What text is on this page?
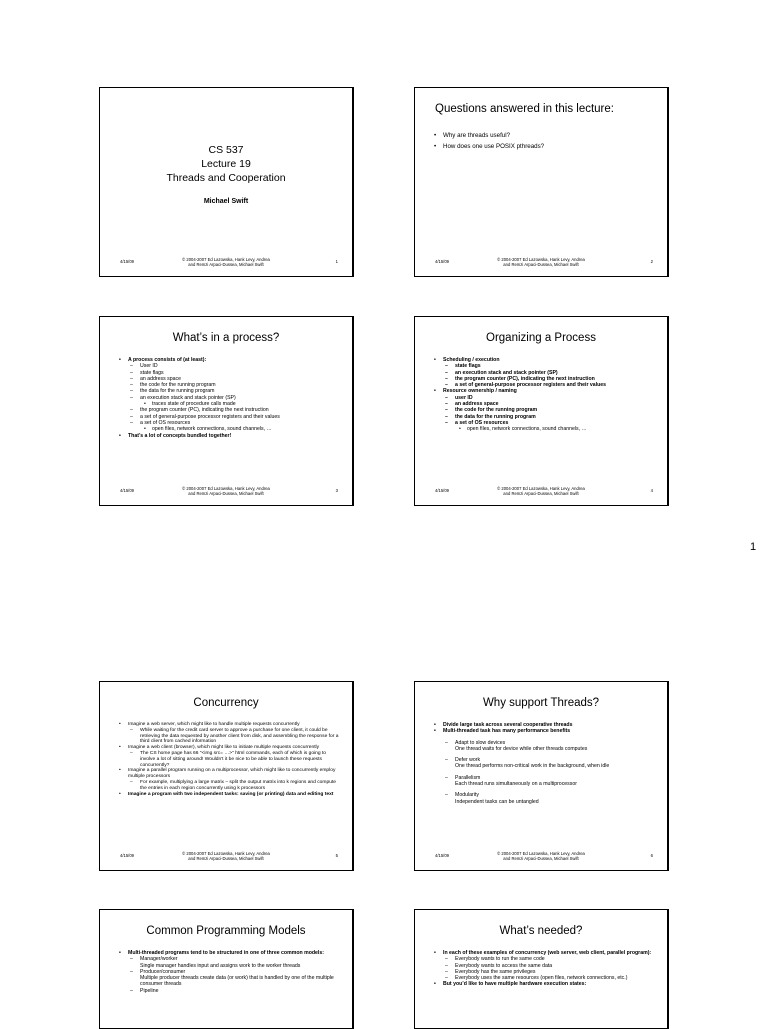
CS 537
Lecture 19
Threads and Cooperation
Michael Swift
4/15/09	© 2004-2007 Ed Lazowska, Hank Levy, Andrea and Remzi Arpaci-Dussea, Michael Swift
1
Questions answered in this lecture:
• Why are threads useful?
• How does one use POSIX pthreads?
4/15/09	© 2004-2007 Ed Lazowska, Hank Levy, Andrea and Remzi Arpaci-Dussea, Michael Swift
2
What’s in a process?
• A process consists of (at least):
– User ID
– state flags
– an address space
– the code for the running program
– the data for the running program
– an execution stack and stack pointer (SP)
• traces state of procedure calls made
– the program counter (PC), indicating the next instruction
– a set of general-purpose processor registers and their values
– a set of OS resources
• open files, network connections, sound channels, …
• That’s a lot of concepts bundled together!
4/15/09	© 2004-2007 Ed Lazowska, Hank Levy, Andrea and Remzi Arpaci-Dussea, Michael Swift
3
Organizing a Process
• Scheduling / execution
– state flags
– an execution stack and stack pointer (SP)
– the program counter (PC), indicating the next instruction
– a set of general-purpose processor registers and their values
• Resource ownership / naming
– user ID
– an address space
– the code for the running program
– the data for the running program
– a set of OS resources
• open files, network connections, sound channels, …
4/15/09	© 2004-2007 Ed Lazowska, Hank Levy, Andrea and Remzi Arpaci-Dussea, Michael Swift
4
Concurrency
• Imagine a web server, which might like to handle multiple requests concurrently
– While waiting for the credit card server to approve a purchase for one client, it could be retrieving the data requested by another client from disk, and assembling the response for a third client from cached information
• Imagine a web client (browser), which might like to initiate multiple requests concurrently
– The CS home page has 66 "<img src= …>" html commands, each of which is going to involve a lot of sitting around! Wouldn't it be nice to be able to launch these requests concurrently?
• Imagine a parallel program running on a multiprocessor, which might like to concurrently employ multiple processors
– For example, multiplying a large matrix – split the output matrix into k regions and compute the entries in each region concurrently using k processors
• Imagine a program with two independent tasks: saving (or printing) data and editing text
4/15/09	© 2004-2007 Ed Lazowska, Hank Levy, Andrea and Remzi Arpaci-Dussea, Michael Swift
5
Why support Threads?
• Divide large task across several cooperative threads
• Multi-threaded task has many performance benefits
– Adapt to slow devices
One thread waits for device while other threads computes
– Defer work
One thread performs non-critical work in the background, when idle
– Parallelism
Each thread runs simultaneously on a multiprocessor
– Modularity
Independent tasks can be untangled
4/15/09	© 2004-2007 Ed Lazowska, Hank Levy, Andrea and Remzi Arpaci-Dussea, Michael Swift
6
Common Programming Models
• Multi-threaded programs tend to be structured in one of three common models:
– Manager/worker
Single manager handles input and assigns work to the worker threads
– Producer/consumer
Multiple producer threads create data (or work) that is handled by one of the multiple consumer threads
– Pipeline
What’s needed?
• In each of these examples of concurrency (web server, web client, parallel program):
– Everybody wants to run the same code
– Everybody wants to access the same data
– Everybody has the same privileges
– Everybody uses the same resources (open files, network connections, etc.)
• But you’d like to have multiple hardware execution states:
1
